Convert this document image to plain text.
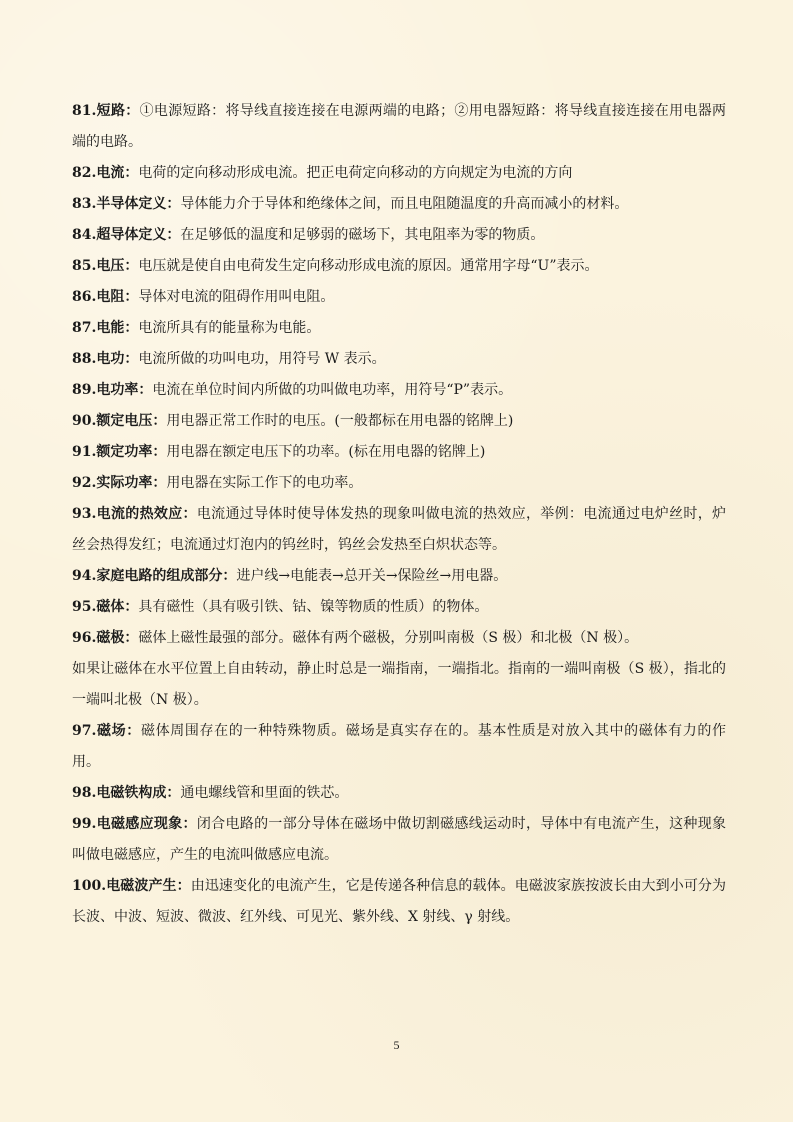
81.短路：①电源短路：将导线直接连接在电源两端的电路；②用电器短路：将导线直接连接在用电器两端的电路。

82.电流：电荷的定向移动形成电流。把正电荷定向移动的方向规定为电流的方向

83.半导体定义：导体能力介于导体和绝缘体之间，而且电阻随温度的升高而减小的材料。

84.超导体定义：在足够低的温度和足够弱的磁场下，其电阻率为零的物质。

85.电压：电压就是使自由电荷发生定向移动形成电流的原因。通常用字母“U”表示。

86.电阻：导体对电流的阻碍作用叫电阻。

87.电能：电流所具有的能量称为电能。

88.电功：电流所做的功叫电功，用符号 W 表示。

89.电功率：电流在单位时间内所做的功叫做电功率，用符号“P”表示。

90.额定电压：用电器正常工作时的电压。(一般都标在用电器的铭牌上)

91.额定功率：用电器在额定电压下的功率。(标在用电器的铭牌上)

92.实际功率：用电器在实际工作下的电功率。

93.电流的热效应：电流通过导体时使导体发热的现象叫做电流的热效应，举例：电流通过电炉丝时，炉丝会热得发红；电流通过灯泡内的钨丝时，钨丝会发热至白炽状态等。

94.家庭电路的组成部分：进户线→电能表→总开关→保险丝→用电器。

95.磁体：具有磁性（具有吸引铁、钴、镍等物质的性质）的物体。

96.磁极：磁体上磁性最强的部分。磁体有两个磁极，分别叫南极（S 极）和北极（N 极）。

如果让磁体在水平位置上自由转动，静止时总是一端指南，一端指北。指南的一端叫南极（S 极），指北的一端叫北极（N 极）。

97.磁场：磁体周围存在的一种特殊物质。磁场是真实存在的。基本性质是对放入其中的磁体有力的作用。

98.电磁铁构成：通电螺线管和里面的铁芯。

99.电磁感应现象：闭合电路的一部分导体在磁场中做切割磁感线运动时，导体中有电流产生，这种现象叫做电磁感应，产生的电流叫做感应电流。

100.电磁波产生：由迅速变化的电流产生，它是传递各种信息的载体。电磁波家族按波长由大到小可分为长波、中波、短波、微波、红外线、可见光、紫外线、X 射线、γ 射线。

5
